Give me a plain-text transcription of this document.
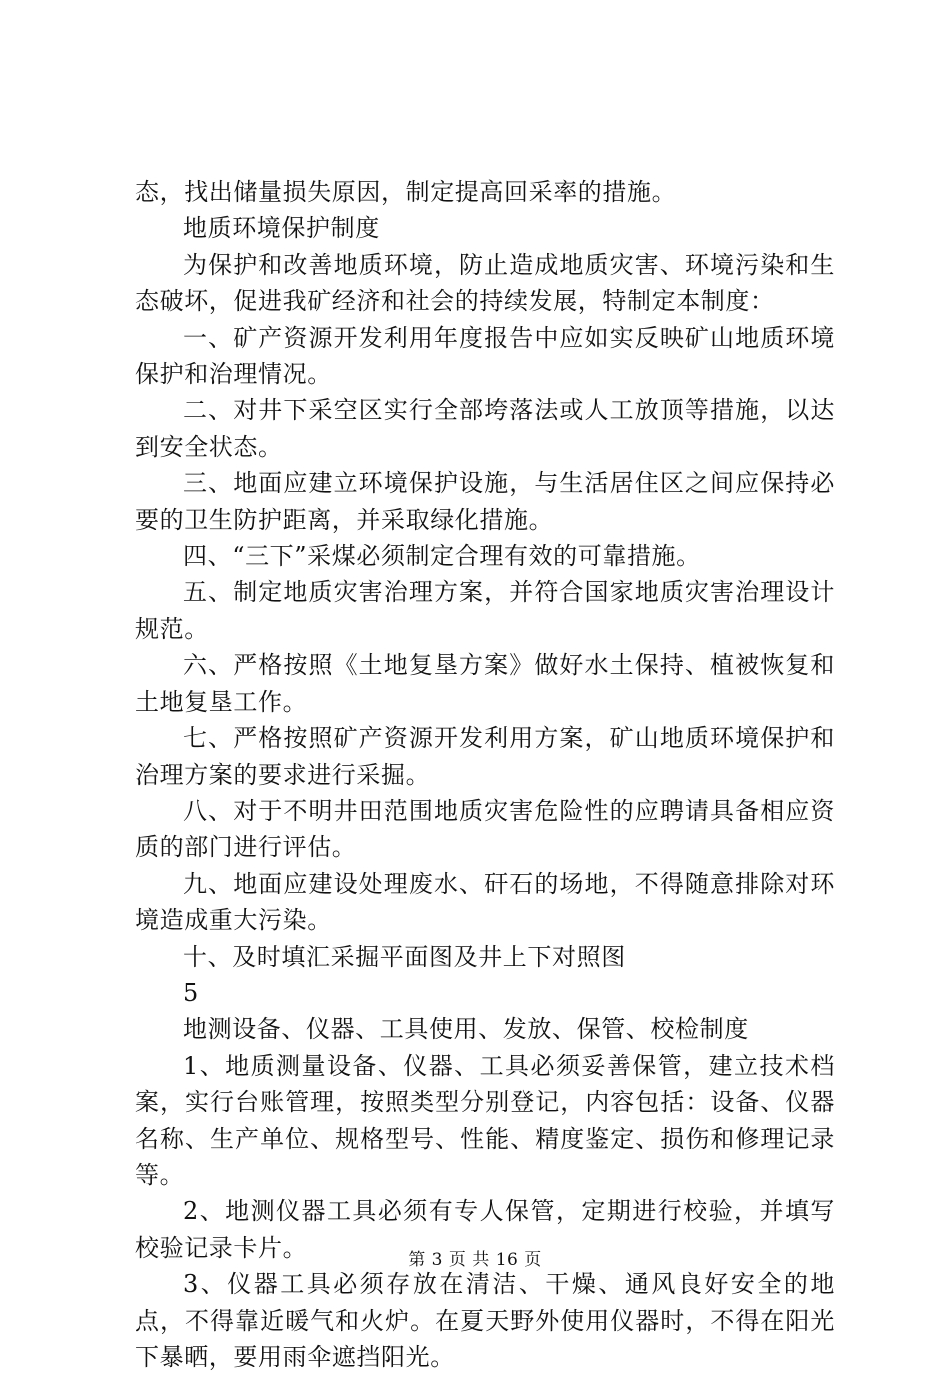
态，找出储量损失原因，制定提高回采率的措施。

地质环境保护制度

为保护和改善地质环境，防止造成地质灾害、环境污染和生态破坏，促进我矿经济和社会的持续发展，特制定本制度：

一、矿产资源开发利用年度报告中应如实反映矿山地质环境保护和治理情况。

二、对井下采空区实行全部垮落法或人工放顶等措施，以达到安全状态。

三、地面应建立环境保护设施，与生活居住区之间应保持必要的卫生防护距离，并采取绿化措施。

四、“三下”采煤必须制定合理有效的可靠措施。

五、制定地质灾害治理方案，并符合国家地质灾害治理设计规范。

六、严格按照《土地复垦方案》做好水土保持、植被恢复和土地复垦工作。

七、严格按照矿产资源开发利用方案，矿山地质环境保护和治理方案的要求进行采掘。

八、对于不明井田范围地质灾害危险性的应聘请具备相应资质的部门进行评估。

九、地面应建设处理废水、矸石的场地，不得随意排除对环境造成重大污染。

十、及时填汇采掘平面图及井上下对照图

5

地测设备、仪器、工具使用、发放、保管、校检制度

1、地质测量设备、仪器、工具必须妥善保管，建立技术档案，实行台账管理，按照类型分别登记，内容包括：设备、仪器名称、生产单位、规格型号、性能、精度鉴定、损伤和修理记录等。

2、地测仪器工具必须有专人保管，定期进行校验，并填写校验记录卡片。

3、仪器工具必须存放在清洁、干燥、通风良好安全的地点，不得靠近暖气和火炉。在夏天野外使用仪器时，不得在阳光下暴晒，要用雨伞遮挡阳光。

第 3 页 共 16 页
